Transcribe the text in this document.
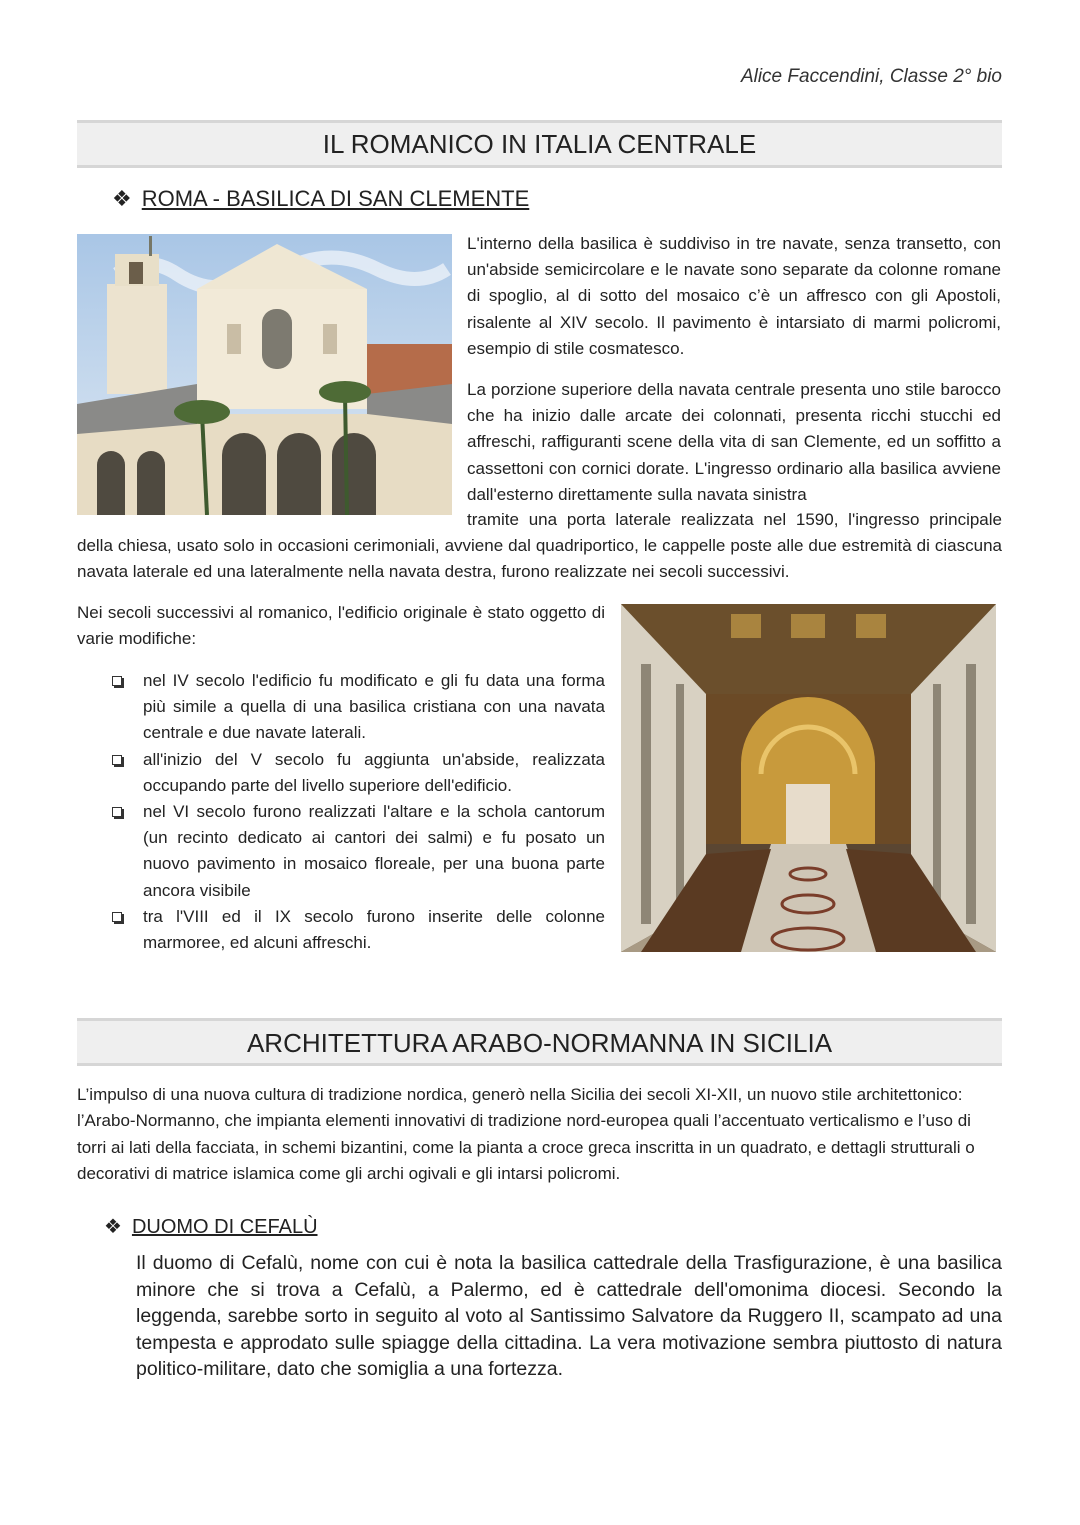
Alice Faccendini, Classe 2° bio
IL ROMANICO IN ITALIA CENTRALE
❖ ROMA - BASILICA DI SAN CLEMENTE
L'interno della basilica è suddiviso in tre navate, senza transetto, con un'abside semicircolare e le navate sono separate da colonne romane di spoglio, al di sotto del mosaico c’è un affresco con gli Apostoli, risalente al XIV secolo. Il pavimento è intarsiato di marmi policromi, esempio di stile cosmatesco.
La porzione superiore della navata centrale presenta uno stile barocco che ha inizio dalle arcate dei colonnati, presenta ricchi stucchi ed affreschi, raffiguranti scene della vita di san Clemente, ed un soffitto a cassettoni con cornici dorate. L'ingresso ordinario alla basilica avviene dall'esterno direttamente sulla navata sinistra
tramite una porta laterale realizzata nel 1590, l'ingresso principale della chiesa, usato solo in occasioni cerimoniali, avviene dal quadriportico, le cappelle poste alle due estremità di ciascuna navata laterale ed una lateralmente nella navata destra, furono realizzate nei secoli successivi.
Nei secoli successivi al romanico, l'edificio originale è stato oggetto di varie modifiche:
nel IV secolo l'edificio fu modificato e gli fu data una forma più simile a quella di una basilica cristiana con una navata centrale e due navate laterali.
all'inizio del V secolo fu aggiunta un'abside, realizzata occupando parte del livello superiore dell'edificio.
nel VI secolo furono realizzati l'altare e la schola cantorum (un recinto dedicato ai cantori dei salmi) e fu posato un nuovo pavimento in mosaico floreale, per una buona parte ancora visibile
tra l'VIII ed il IX secolo furono inserite delle colonne marmoree, ed alcuni affreschi.
ARCHITETTURA ARABO-NORMANNA IN SICILIA
L’impulso di una nuova cultura di tradizione nordica, generò nella Sicilia dei secoli XI-XII, un nuovo stile architettonico: l’Arabo-Normanno, che impianta elementi innovativi di tradizione nord-europea quali l’accentuato verticalismo e l’uso di torri ai lati della facciata, in schemi bizantini, come la pianta a croce greca inscritta in un quadrato, e dettagli strutturali o decorativi di matrice islamica come gli archi ogivali e gli intarsi policromi.
❖ DUOMO DI CEFALÙ
Il duomo di Cefalù, nome con cui è nota la basilica cattedrale della Trasfigurazione, è una basilica minore che si trova a Cefalù, a Palermo, ed è cattedrale dell'omonima diocesi. Secondo la leggenda, sarebbe sorto in seguito al voto al Santissimo Salvatore da Ruggero II, scampato ad una tempesta e approdato sulle spiagge della cittadina. La vera motivazione sembra piuttosto di natura politico-militare, dato che somiglia a una fortezza.
